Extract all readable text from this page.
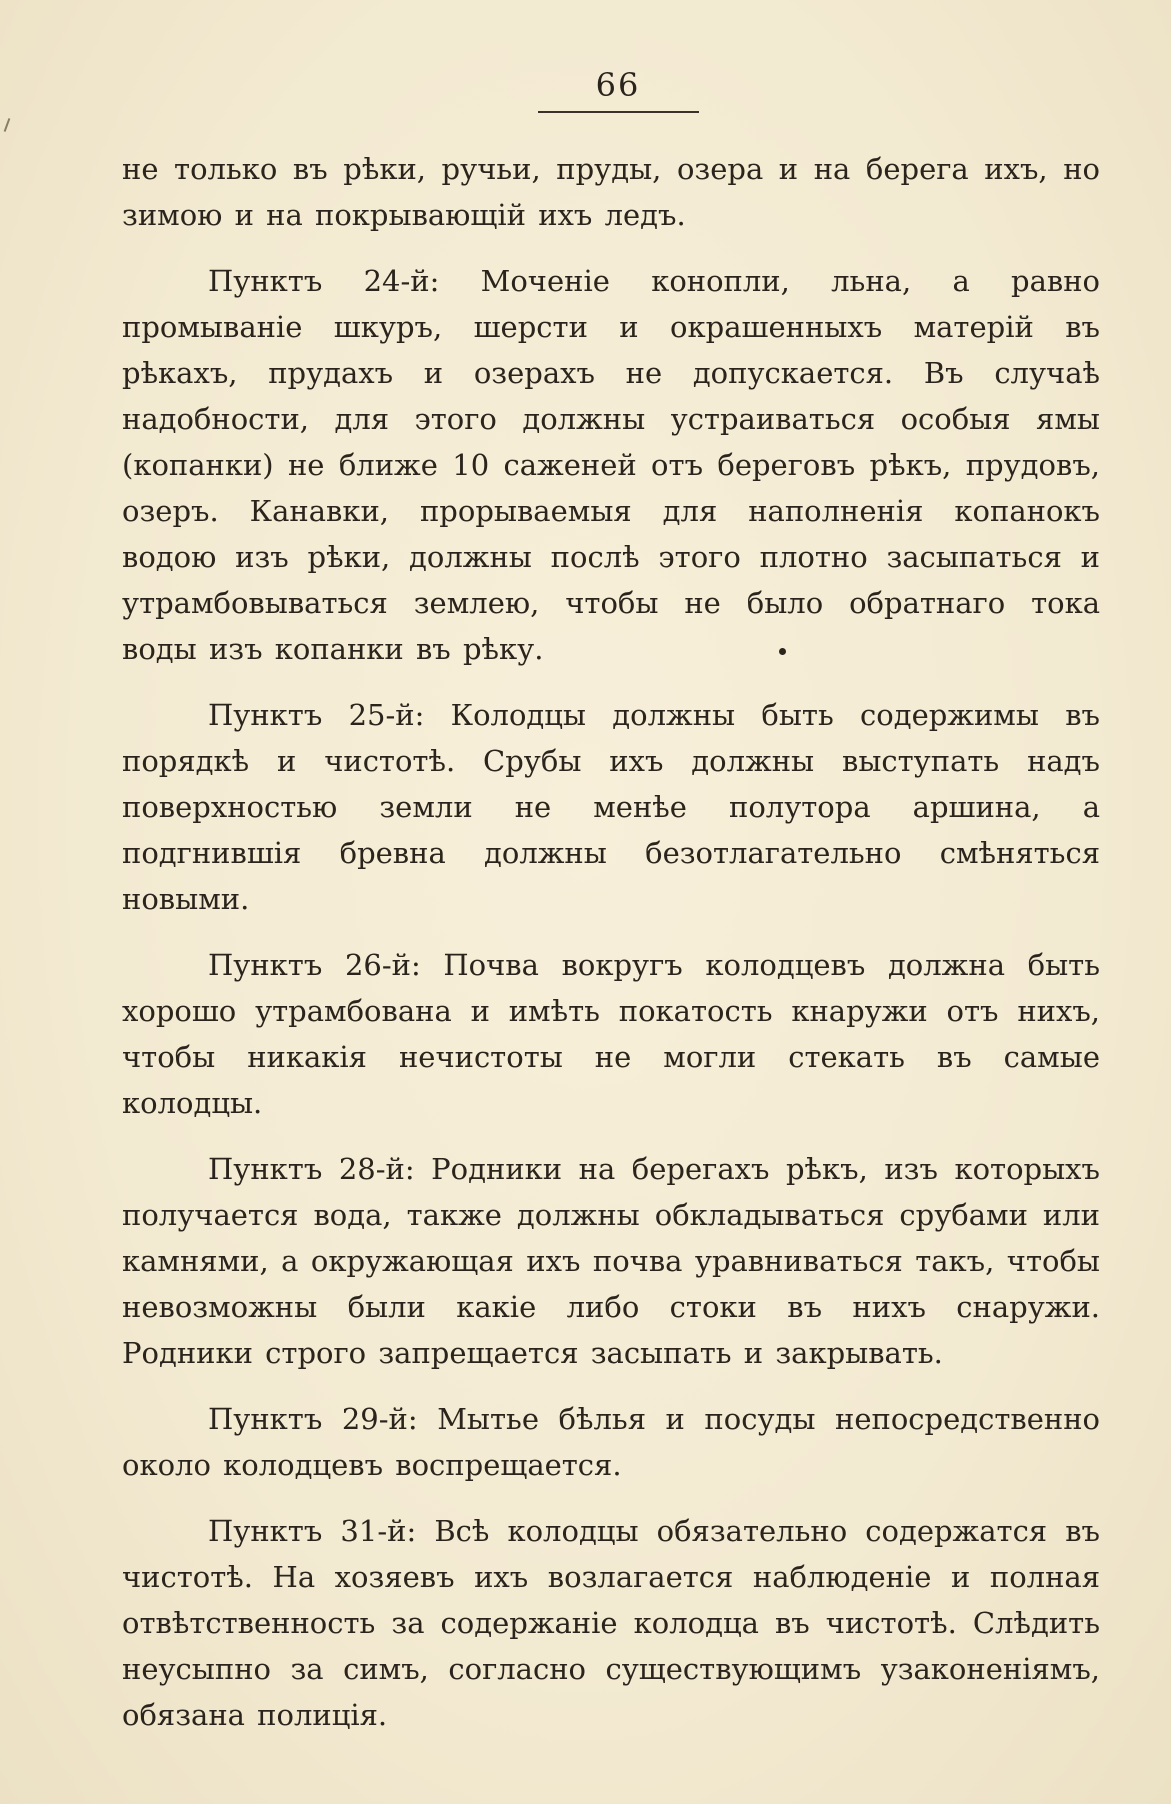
66

не только въ рѣки, ручьи, пруды, озера и на берега ихъ, но зимою и на покрывающій ихъ ледъ.

Пунктъ 24-й: Моченіе конопли, льна, а равно промываніе шкуръ, шерсти и окрашенныхъ матерій въ рѣкахъ, прудахъ и озерахъ не допускается. Въ случаѣ надобности, для этого должны устраиваться особыя ямы (копанки) не ближе 10 саженей отъ береговъ рѣкъ, прудовъ, озеръ. Канавки, прорываемыя для наполненія копанокъ водою изъ рѣки, должны послѣ этого плотно засыпаться и утрамбовываться землею, чтобы не было обратнаго тока воды изъ копанки въ рѣку.

Пунктъ 25-й: Колодцы должны быть содержимы въ порядкѣ и чистотѣ. Срубы ихъ должны выступать надъ поверхностью земли не менѣе полутора аршина, а подгнившія бревна должны безотлагательно смѣняться новыми.

Пунктъ 26-й: Почва вокругъ колодцевъ должна быть хорошо утрамбована и имѣть покатость кнаружи отъ нихъ, чтобы никакія нечистоты не могли стекать въ самые колодцы.

Пунктъ 28-й: Родники на берегахъ рѣкъ, изъ которыхъ получается вода, также должны обкладываться срубами или камнями, а окружающая ихъ почва уравниваться такъ, чтобы невозможны были какіе либо стоки въ нихъ снаружи. Родники строго запрещается засыпать и закрывать.

Пунктъ 29-й: Мытье бѣлья и посуды непосредственно около колодцевъ воспрещается.

Пунктъ 31-й: Всѣ колодцы обязательно содержатся въ чистотѣ. На хозяевъ ихъ возлагается наблюденіе и полная отвѣтственность за содержаніе колодца въ чистотѣ. Слѣдить неусыпно за симъ, согласно существующимъ узаконеніямъ, обязана полиція.
